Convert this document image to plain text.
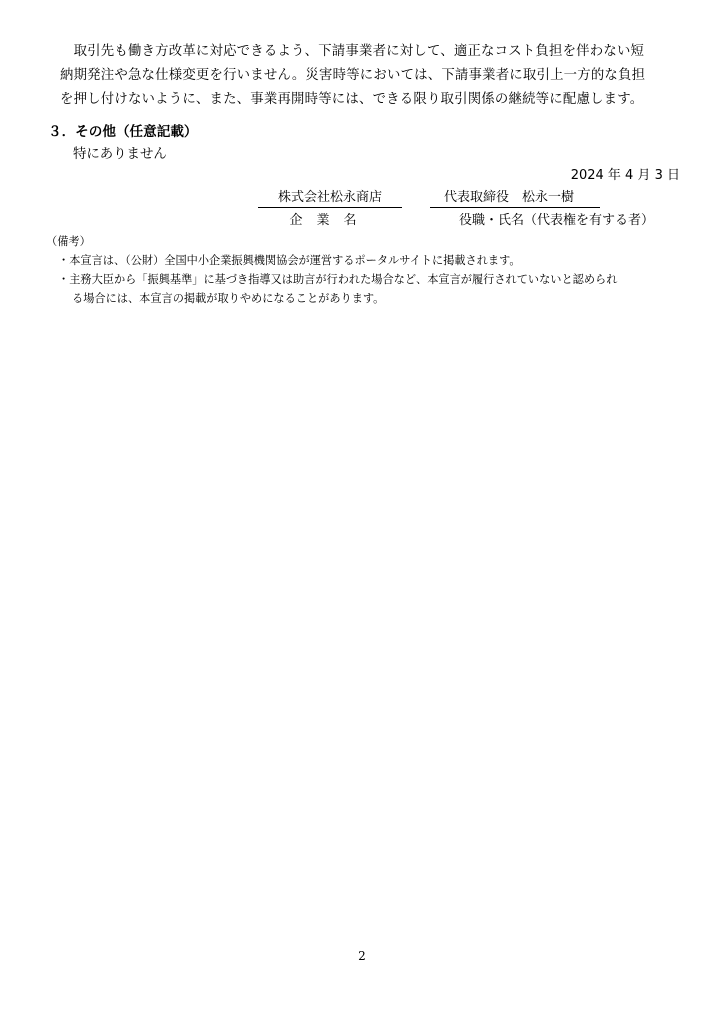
　取引先も働き方改革に対応できるよう、下請事業者に対して、適正なコスト負担を伴わない短
納期発注や急な仕様変更を行いません。災害時等においては、下請事業者に取引上一方的な負担
を押し付けないように、また、事業再開時等には、できる限り取引関係の継続等に配慮します。
３．その他（任意記載）
特にありません
2024 年 4 月 3 日
株式会社松永商店	代表取締役　松永一樹
企業名	役職・氏名（代表権を有する者）
（備考）
・本宣言は、（公財）全国中小企業振興機関協会が運営するポータルサイトに掲載されます。
・主務大臣から「振興基準」に基づき指導又は助言が行われた場合など、本宣言が履行されていないと認められ
る場合には、本宣言の掲載が取りやめになることがあります。
2
